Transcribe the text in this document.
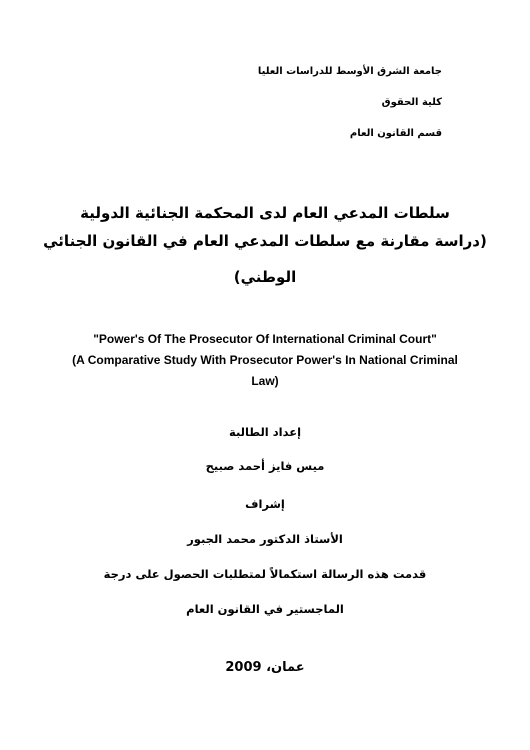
جامعة الشرق الأوسط للدراسات العليا
كلية الحقوق
قسم القانون العام
سلطات المدعي العام لدى المحكمة الجنائية الدولية
(دراسة مقارنة مع سلطات المدعي العام في القانون الجنائي
الوطني)
"Power's Of The Prosecutor Of International Criminal Court"
(A Comparative Study With Prosecutor Power's In National Criminal
Law)
إعداد الطالبة
ميس فايز أحمد صبيح
إشراف
الأستاذ الدكتور محمد الجبور
قدمت هذه الرسالة استكمالاً لمتطلبات الحصول على درجة
الماجستير في القانون العام
عمان، 2009
